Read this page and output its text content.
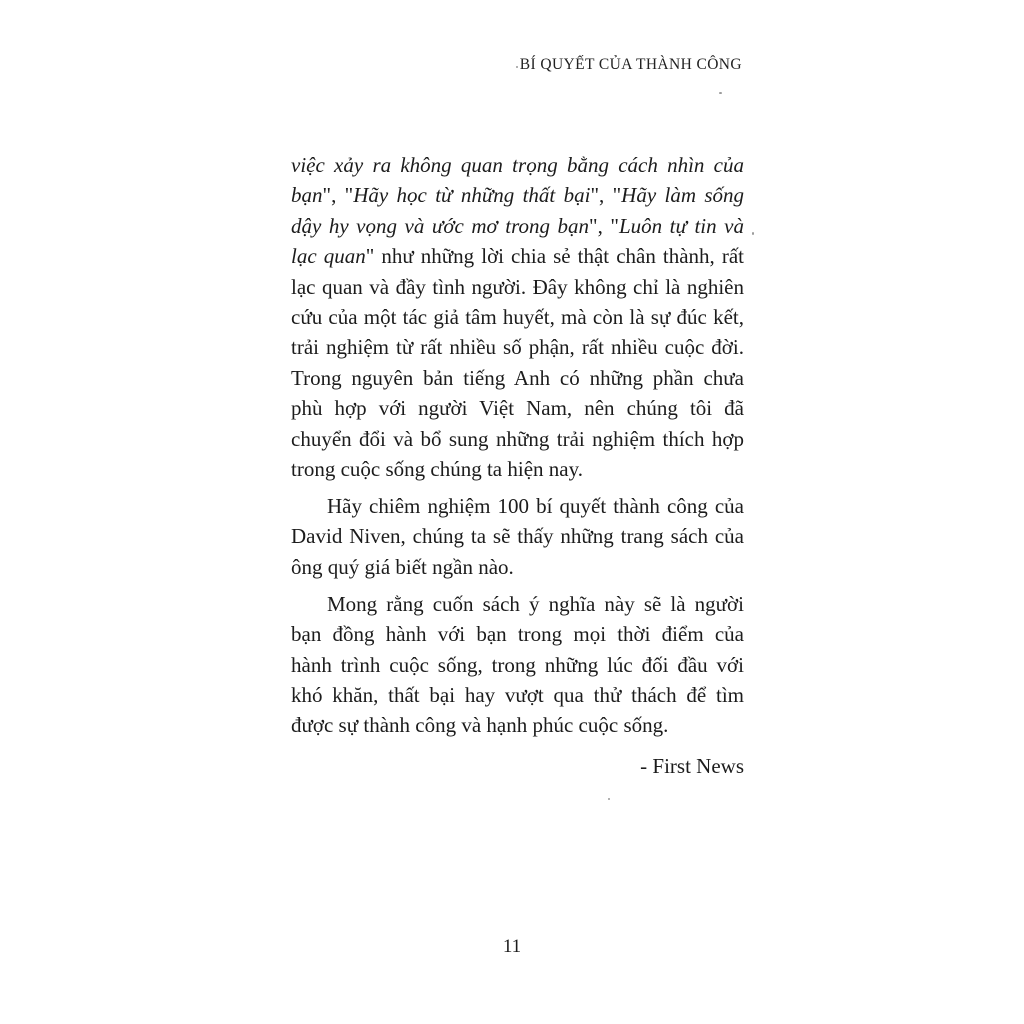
BÍ QUYẾT CỦA THÀNH CÔNG

việc xảy ra không quan trọng bằng cách nhìn của
bạn", "Hãy học từ những thất bại", "Hãy làm sống
dậy hy vọng và ước mơ trong bạn", "Luôn tự tin và
lạc quan" như những lời chia sẻ thật chân thành, rất
lạc quan và đầy tình người. Đây không chỉ là nghiên
cứu của một tác giả tâm huyết, mà còn là sự đúc kết,
trải nghiệm từ rất nhiều số phận, rất nhiều cuộc đời.
Trong nguyên bản tiếng Anh có những phần chưa
phù hợp với người Việt Nam, nên chúng tôi đã
chuyển đổi và bổ sung những trải nghiệm thích hợp
trong cuộc sống chúng ta hiện nay.

Hãy chiêm nghiệm 100 bí quyết thành công của
David Niven, chúng ta sẽ thấy những trang sách của
ông quý giá biết ngần nào.

Mong rằng cuốn sách ý nghĩa này sẽ là người
bạn đồng hành với bạn trong mọi thời điểm của
hành trình cuộc sống, trong những lúc đối đầu với
khó khăn, thất bại hay vượt qua thử thách để tìm
được sự thành công và hạnh phúc cuộc sống.

- First News

11
